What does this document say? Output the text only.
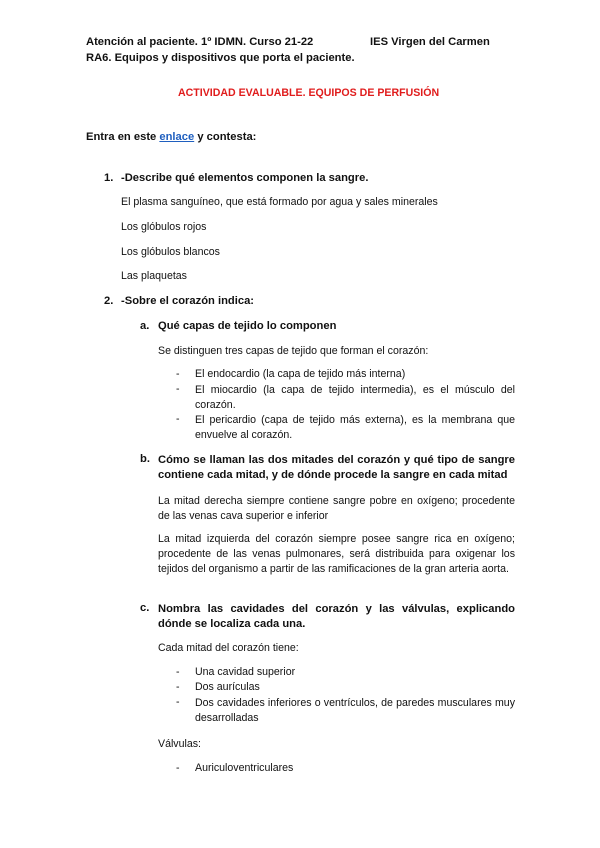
Atención al paciente. 1º IDMN. Curso 21-22	IES Virgen del Carmen
RA6. Equipos y dispositivos que porta el paciente.
ACTIVIDAD EVALUABLE. EQUIPOS DE PERFUSIÓN
Entra en este enlace y contesta:
1. -Describe qué elementos componen la sangre.
El plasma sanguíneo, que está formado por agua y sales minerales
Los glóbulos rojos
Los glóbulos blancos
Las plaquetas
2. -Sobre el corazón indica:
a. Qué capas de tejido lo componen
Se distinguen tres capas de tejido que forman el corazón:
- El endocardio (la capa de tejido más interna)
- El miocardio (la capa de tejido intermedia), es el músculo del corazón.
- El pericardio (capa de tejido más externa), es la membrana que envuelve al corazón.
b. Cómo se llaman las dos mitades del corazón y qué tipo de sangre contiene cada mitad, y de dónde procede la sangre en cada mitad
La mitad derecha siempre contiene sangre pobre en oxígeno; procedente de las venas cava superior e inferior
La mitad izquierda del corazón siempre posee sangre rica en oxígeno; procedente de las venas pulmonares, será distribuida para oxigenar los tejidos del organismo a partir de las ramificaciones de la gran arteria aorta.
c. Nombra las cavidades del corazón y las válvulas, explicando dónde se localiza cada una.
Cada mitad del corazón tiene:
- Una cavidad superior
- Dos aurículas
- Dos cavidades inferiores o ventrículos, de paredes musculares muy desarrolladas
Válvulas:
- Auriculoventriculares
